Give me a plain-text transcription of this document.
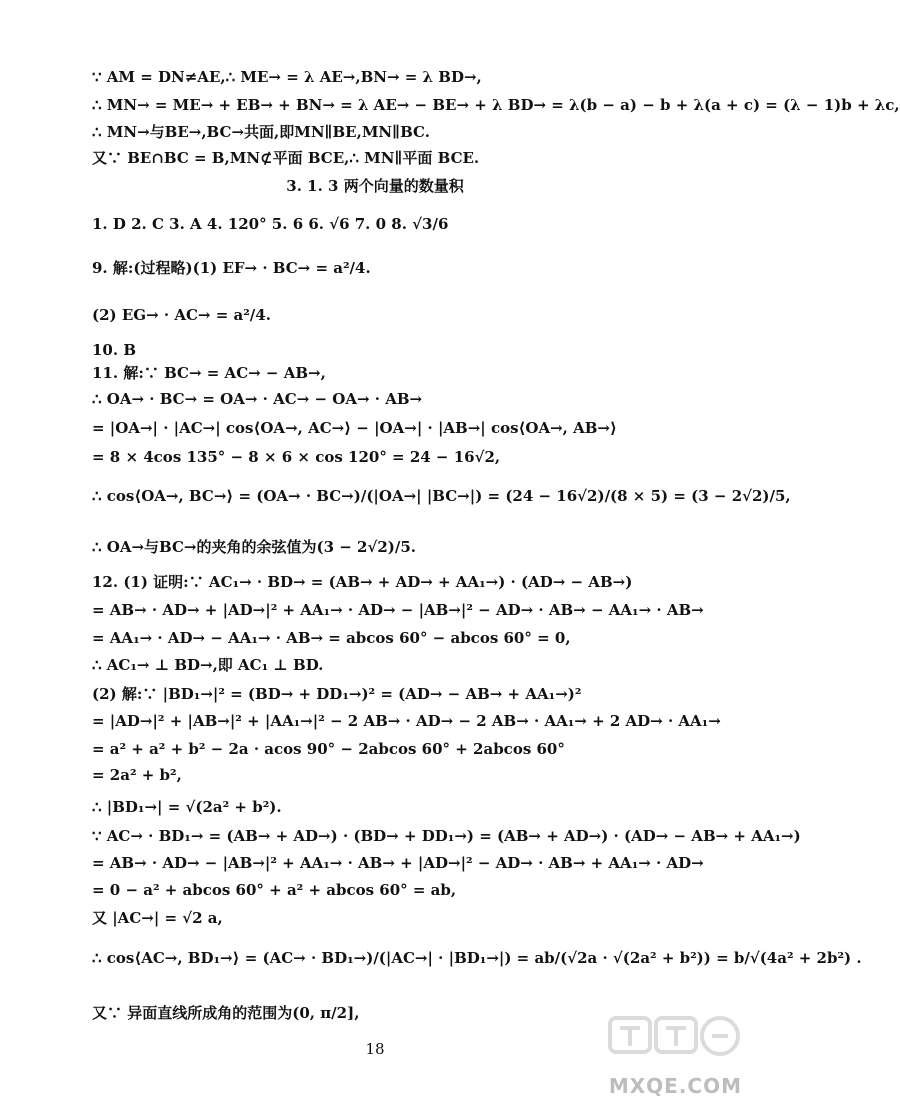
3. 1. 3 两个向量的数量积
∵ AM = DN≠AE,∴ ME→ = λ AE→,BN→ = λ BD→,
∴ MN→ = ME→ + EB→ + BN→ = λ AE→ − BE→ + λ BD→ = λ(b − a) − b + λ(a + c) = (λ − 1)b + λc,
∴ MN→与BE→,BC→共面,即MN∥BE,MN∥BC.
又∵ BE∩BC = B,MN⊄平面 BCE,∴ MN∥平面 BCE.
1. D 2. C 3. A 4. 120° 5. 6 6. √6 7. 0 8. √3/6
9. 解:(过程略)(1) EF→ · BC→ = a²/4.
(2) EG→ · AC→ = a²/4.
10. B
11. 解:∵ BC→ = AC→ − AB→,
∴ OA→ · BC→ = OA→ · AC→ − OA→ · AB→
= |OA→| · |AC→| cos⟨OA→, AC→⟩ − |OA→| · |AB→| cos⟨OA→, AB→⟩
= 8 × 4cos 135° − 8 × 6 × cos 120° = 24 − 16√2,
∴ cos⟨OA→, BC→⟩ = (OA→ · BC→)/(|OA→| |BC→|) = (24 − 16√2)/(8 × 5) = (3 − 2√2)/5,
∴ OA→与BC→的夹角的余弦值为(3 − 2√2)/5.
12. (1) 证明:∵ AC₁→ · BD→ = (AB→ + AD→ + AA₁→) · (AD→ − AB→)
= AB→ · AD→ + |AD→|² + AA₁→ · AD→ − |AB→|² − AD→ · AB→ − AA₁→ · AB→
= AA₁→ · AD→ − AA₁→ · AB→ = abcos 60° − abcos 60° = 0,
∴ AC₁→ ⊥ BD→,即 AC₁ ⊥ BD.
(2) 解:∵ |BD₁→|² = (BD→ + DD₁→)² = (AD→ − AB→ + AA₁→)²
= |AD→|² + |AB→|² + |AA₁→|² − 2 AB→ · AD→ − 2 AB→ · AA₁→ + 2 AD→ · AA₁→
= a² + a² + b² − 2a · acos 90° − 2abcos 60° + 2abcos 60°
= 2a² + b²,
∴ |BD₁→| = √(2a² + b²).
∵ AC→ · BD₁→ = (AB→ + AD→) · (BD→ + DD₁→) = (AB→ + AD→) · (AD→ − AB→ + AA₁→)
= AB→ · AD→ − |AB→|² + AA₁→ · AB→ + |AD→|² − AD→ · AB→ + AA₁→ · AD→
= 0 − a² + abcos 60° + a² + abcos 60° = ab,
又 |AC→| = √2 a,
∴ cos⟨AC→, BD₁→⟩ = (AC→ · BD₁→)/(|AC→| · |BD₁→|) = ab/(√2a · √(2a² + b²)) = b/√(4a² + 2b²) .
又∵ 异面直线所成角的范围为(0, π/2],
18
MXQE.COM
